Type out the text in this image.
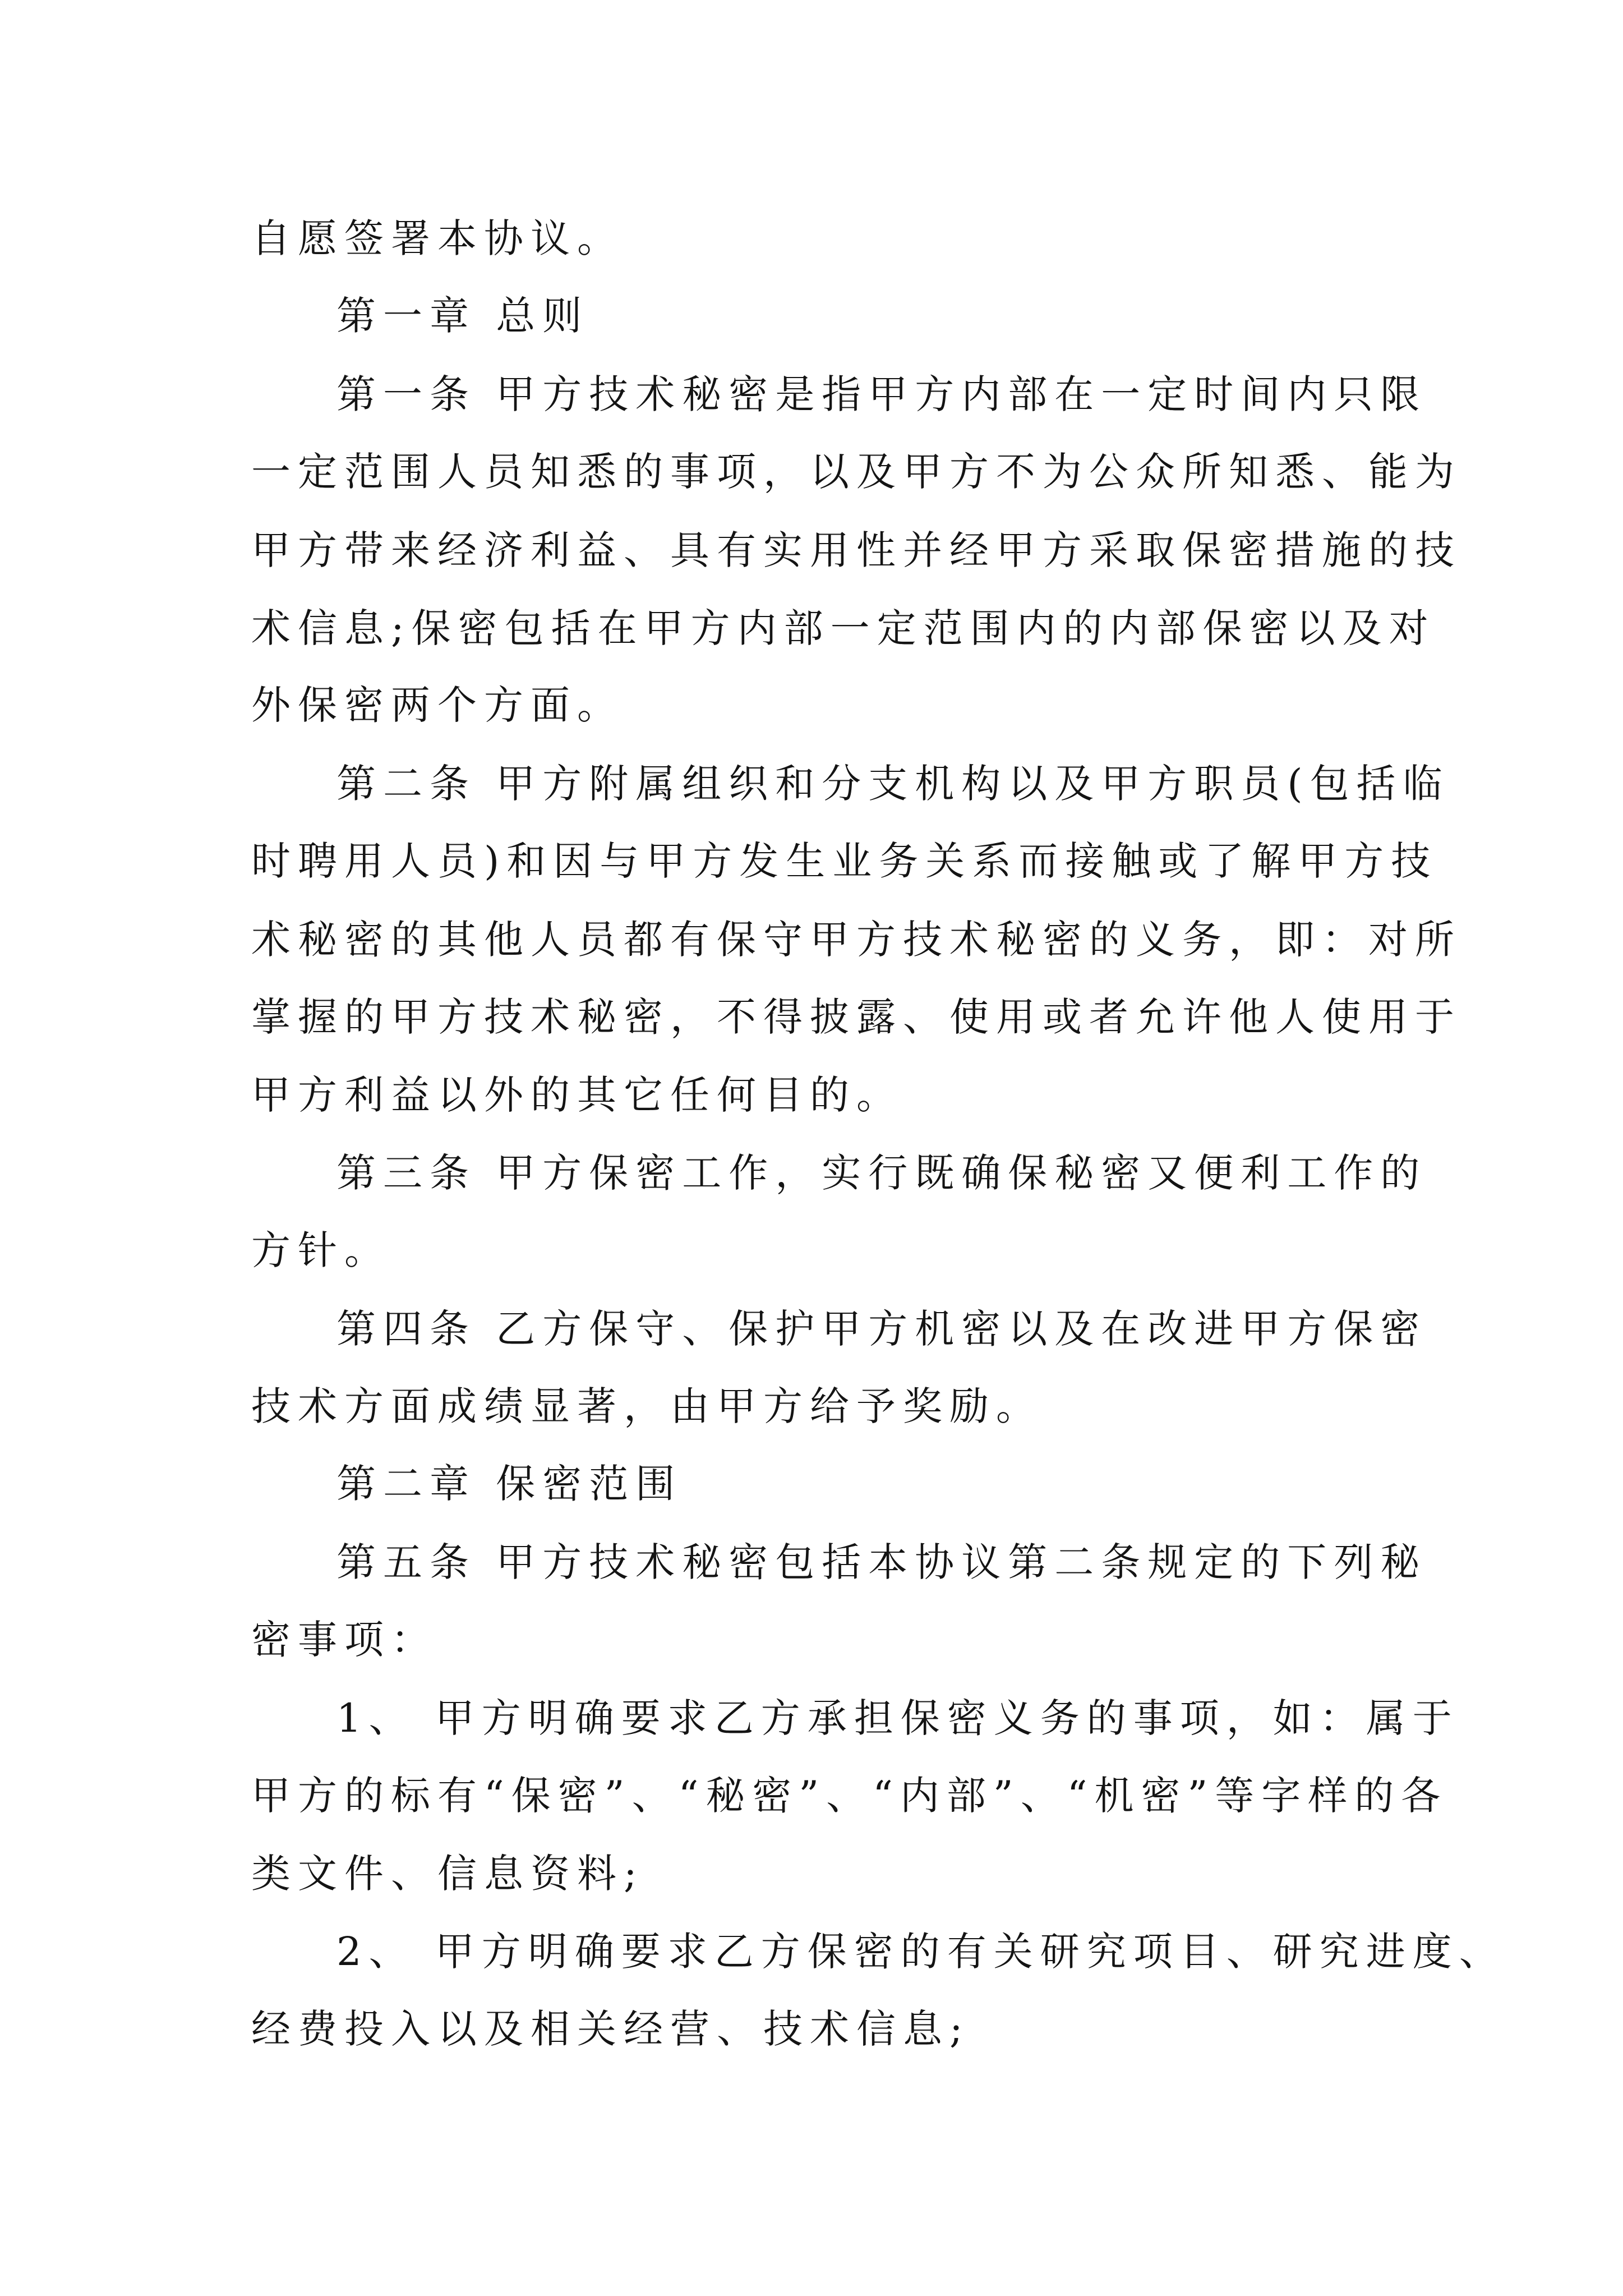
自愿签署本协议。
第一章 总则
第一条 甲方技术秘密是指甲方内部在一定时间内只限
一定范围人员知悉的事项，以及甲方不为公众所知悉、能为
甲方带来经济利益、具有实用性并经甲方采取保密措施的技
术信息;保密包括在甲方内部一定范围内的内部保密以及对
外保密两个方面。
第二条 甲方附属组织和分支机构以及甲方职员(包括临
时聘用人员)和因与甲方发生业务关系而接触或了解甲方技
术秘密的其他人员都有保守甲方技术秘密的义务，即：对所
掌握的甲方技术秘密，不得披露、使用或者允许他人使用于
甲方利益以外的其它任何目的。
第三条 甲方保密工作，实行既确保秘密又便利工作的
方针。
第四条 乙方保守、保护甲方机密以及在改进甲方保密
技术方面成绩显著，由甲方给予奖励。
第二章 保密范围
第五条 甲方技术秘密包括本协议第二条规定的下列秘
密事项：
1、 甲方明确要求乙方承担保密义务的事项，如：属于
甲方的标有“保密”、“秘密”、“内部”、“机密”等字样的各
类文件、信息资料;
2、 甲方明确要求乙方保密的有关研究项目、研究进度、
经费投入以及相关经营、技术信息;
